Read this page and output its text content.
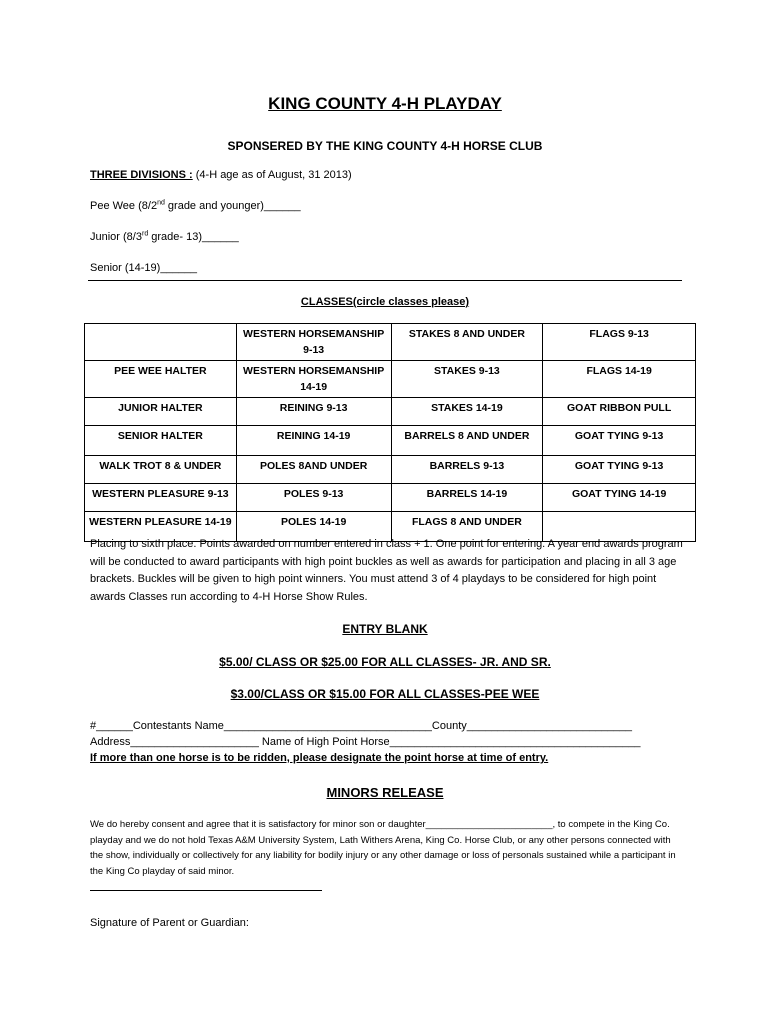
KING COUNTY 4-H PLAYDAY
SPONSERED BY THE KING COUNTY 4-H HORSE CLUB
THREE DIVISIONS : (4-H age as of August, 31 2013)
Pee Wee (8/2nd grade and younger)______
Junior (8/3rd grade- 13)______
Senior (14-19)______
CLASSES(circle classes please)
	WESTERN HORSEMANSHIP 9-13	STAKES 8 AND UNDER	FLAGS 9-13
PEE WEE HALTER	WESTERN HORSEMANSHIP 14-19	STAKES 9-13	FLAGS 14-19
JUNIOR HALTER	REINING 9-13	STAKES 14-19	GOAT RIBBON PULL
SENIOR HALTER	REINING 14-19	BARRELS 8 AND UNDER	GOAT TYING 9-13
WALK TROT 8 & UNDER	POLES 8AND UNDER	BARRELS 9-13	GOAT TYING 9-13
WESTERN PLEASURE 9-13	POLES 9-13	BARRELS 14-19	GOAT TYING 14-19
WESTERN PLEASURE 14-19	POLES 14-19	FLAGS 8 AND UNDER	
Placing to sixth place. Points awarded on number entered in class + 1. One point for entering. A year end awards program will be conducted to award participants with high point buckles as well as awards for participation and placing in all 3 age brackets. Buckles will be given to high point winners. You must attend 3 of 4 playdays to be considered for high point awards Classes run according to 4-H Horse Show Rules.
ENTRY BLANK
$5.00/ CLASS OR $25.00 FOR ALL CLASSES- JR. AND SR.
$3.00/CLASS OR $15.00 FOR ALL CLASSES-PEE WEE
#______Contestants Name__________________________________County___________________________
Address_____________________ Name of High Point Horse_________________________________________
If more than one horse is to be ridden, please designate the point horse at time of entry.
MINORS RELEASE
We do hereby consent and agree that it is satisfactory for minor son or daughter________________________, to compete in the King Co. playday and we do not hold Texas A&M University System, Lath Withers Arena, King Co. Horse Club, or any other persons connected with the show, individually or collectively for any liability for bodily injury or any other damage or loss of personals sustained while a participant in the King Co playday of said minor.
Signature of Parent or Guardian:
